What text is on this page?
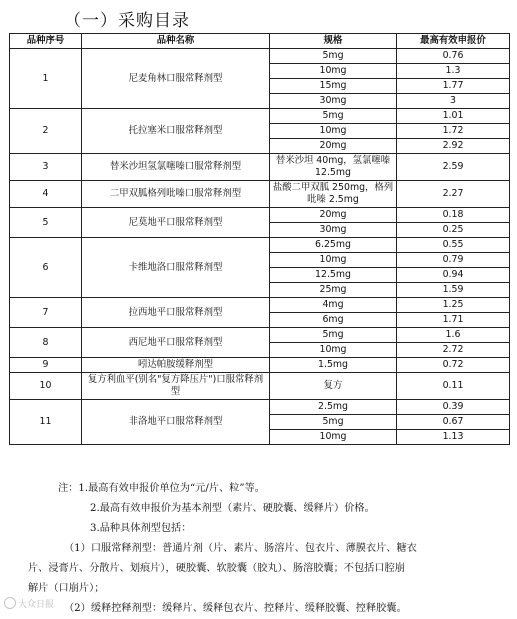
（一）采购目录
品种序号	品种名称	规格	最高有效申报价
1	尼麦角林口服常释剂型	5mg	0.76
		10mg	1.3
		15mg	1.77
		30mg	3
2	托拉塞米口服常释剂型	5mg	1.01
		10mg	1.72
		20mg	2.92
3	替米沙坦氢氯噻嗪口服常释剂型	替米沙坦 40mg，氢氯噻嗪 12.5mg	2.59
4	二甲双胍格列吡嗪口服常释剂型	盐酸二甲双胍 250mg，格列吡嗪 2.5mg	2.27
5	尼莫地平口服常释剂型	20mg	0.18
		30mg	0.25
6	卡维地洛口服常释剂型	6.25mg	0.55
		10mg	0.79
		12.5mg	0.94
		25mg	1.59
7	拉西地平口服常释剂型	4mg	1.25
		6mg	1.71
8	西尼地平口服常释剂型	5mg	1.6
		10mg	2.72
9	吲达帕胺缓释剂型	1.5mg	0.72
10	复方利血平(别名"复方降压片")口服常释剂型	复方	0.11
11	非洛地平口服常释剂型	2.5mg	0.39
		5mg	0.67
		10mg	1.13

注：1.最高有效申报价单位为“元/片、粒”等。

2.最高有效申报价为基本剂型（素片、硬胶囊、缓释片）价格。

3.品种具体剂型包括：

（1）口服常释剂型：普通片剂（片、素片、肠溶片、包衣片、薄膜衣片、糖衣

片、浸膏片、分散片、划痕片），硬胶囊、软胶囊（胶丸）、肠溶胶囊；不包括口腔崩

解片（口崩片）；

（2）缓释控释剂型：缓释片、缓释包衣片、控释片、缓释胶囊、控释胶囊。

大众日报
